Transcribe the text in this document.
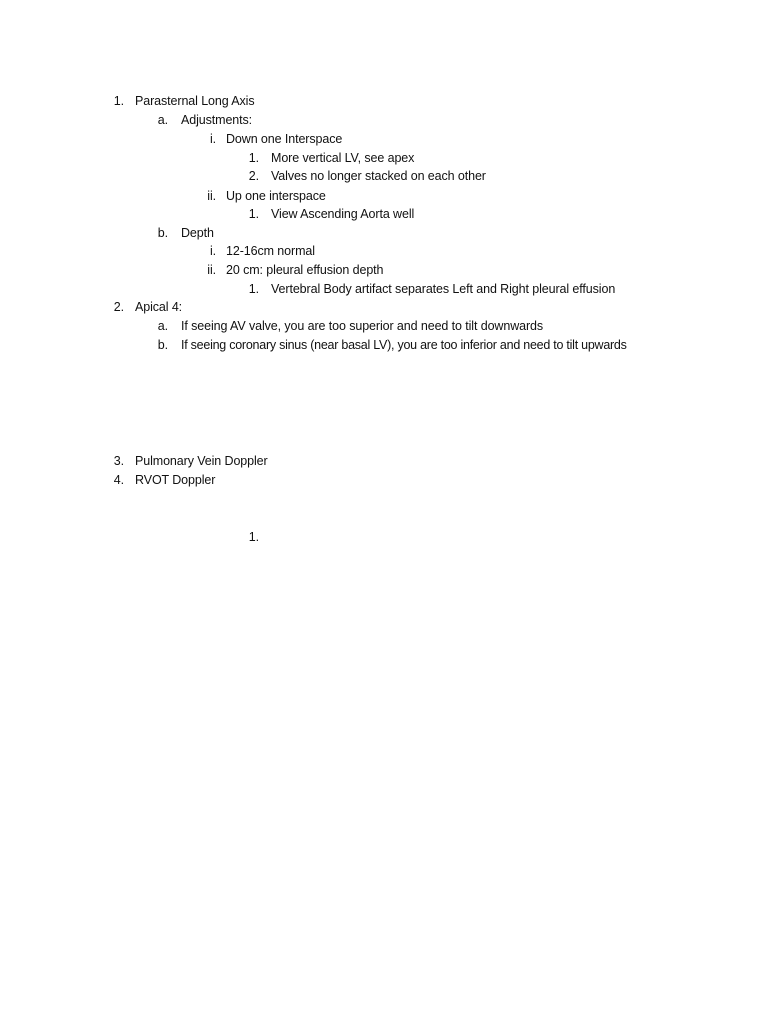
1. Parasternal Long Axis
a. Adjustments:
i. Down one Interspace
1. More vertical LV, see apex
2. Valves no longer stacked on each other
ii. Up one interspace
1. View Ascending Aorta well
b. Depth
i. 12-16cm normal
ii. 20 cm: pleural effusion depth
1. Vertebral Body artifact separates Left and Right pleural effusion
2. Apical 4:
a. If seeing AV valve, you are too superior and need to tilt downwards
b. If seeing coronary sinus (near basal LV), you are too inferior and need to tilt upwards
3. Pulmonary Vein Doppler
4. RVOT Doppler
1.
